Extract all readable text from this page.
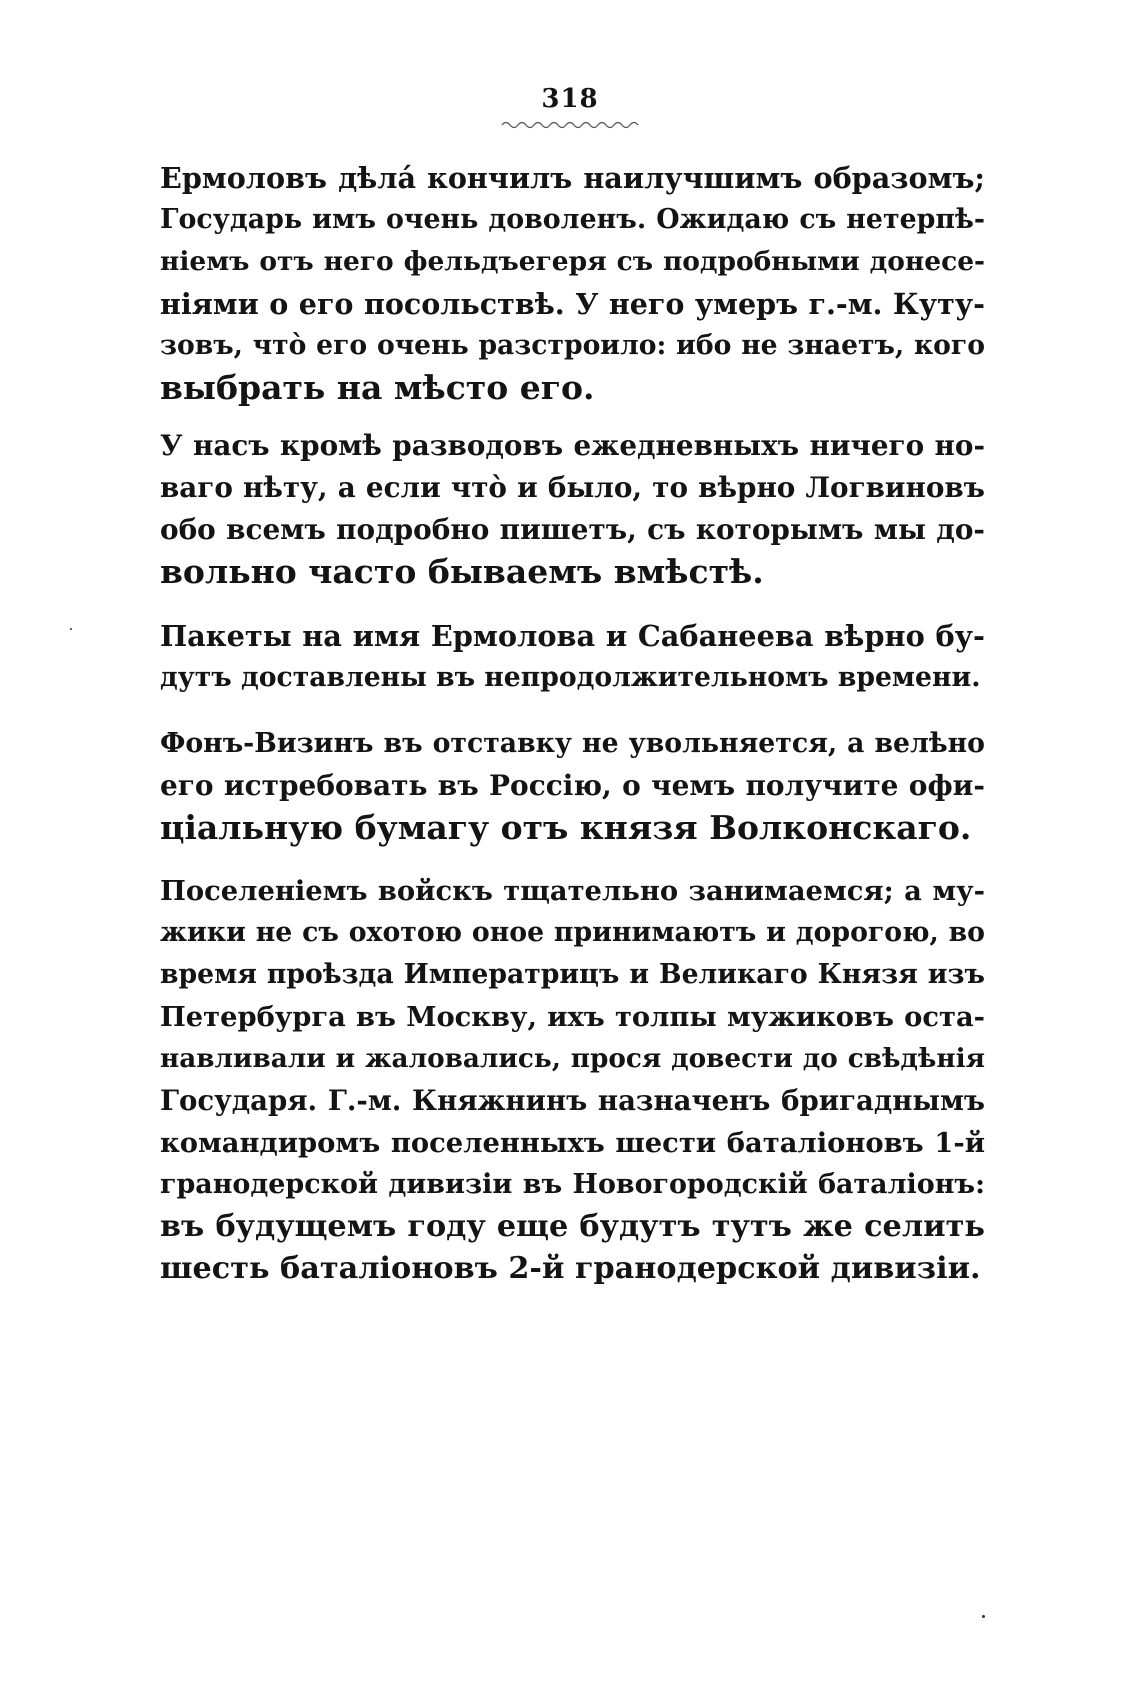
318

Ермоловъ дѣла́ кончилъ наилучшимъ образомъ;
Государь имъ очень доволенъ. Ожидаю съ нетерпѣ-
ніемъ отъ него фельдъегеря съ подробными донесе-
ніями о его посольствѣ. У него умеръ г.-м. Куту-
зовъ, что̀ его очень разстроило: ибо не знаетъ, кого
выбрать на мѣсто его.

У насъ кромѣ разводовъ ежедневныхъ ничего но-
ваго нѣту, а если что̀ и было, то вѣрно Логвиновъ
обо всемъ подробно пишетъ, съ которымъ мы до-
вольно часто бываемъ вмѣстѣ.

Пакеты на имя Ермолова и Сабанеева вѣрно бу-
дутъ доставлены въ непродолжительномъ времени.

Фонъ-Визинъ въ отставку не увольняется, а велѣно
его истребовать въ Россію, о чемъ получите офи-
ціальную бумагу отъ князя Волконскаго.

Поселеніемъ войскъ тщательно занимаемся; а му-
жики не съ охотою оное принимаютъ и дорогою, во
время проѣзда Императрицъ и Великаго Князя изъ
Петербурга въ Москву, ихъ толпы мужиковъ оста-
навливали и жаловались, прося довести до свѣдѣнія
Государя. Г.-м. Княжнинъ назначенъ бригаднымъ
командиромъ поселенныхъ шести баталіоновъ 1-й
гранодерской дивизіи въ Новогородскій баталіонъ:
въ будущемъ году еще будутъ тутъ же селить
шесть баталіоновъ 2-й гранодерской дивизіи.
